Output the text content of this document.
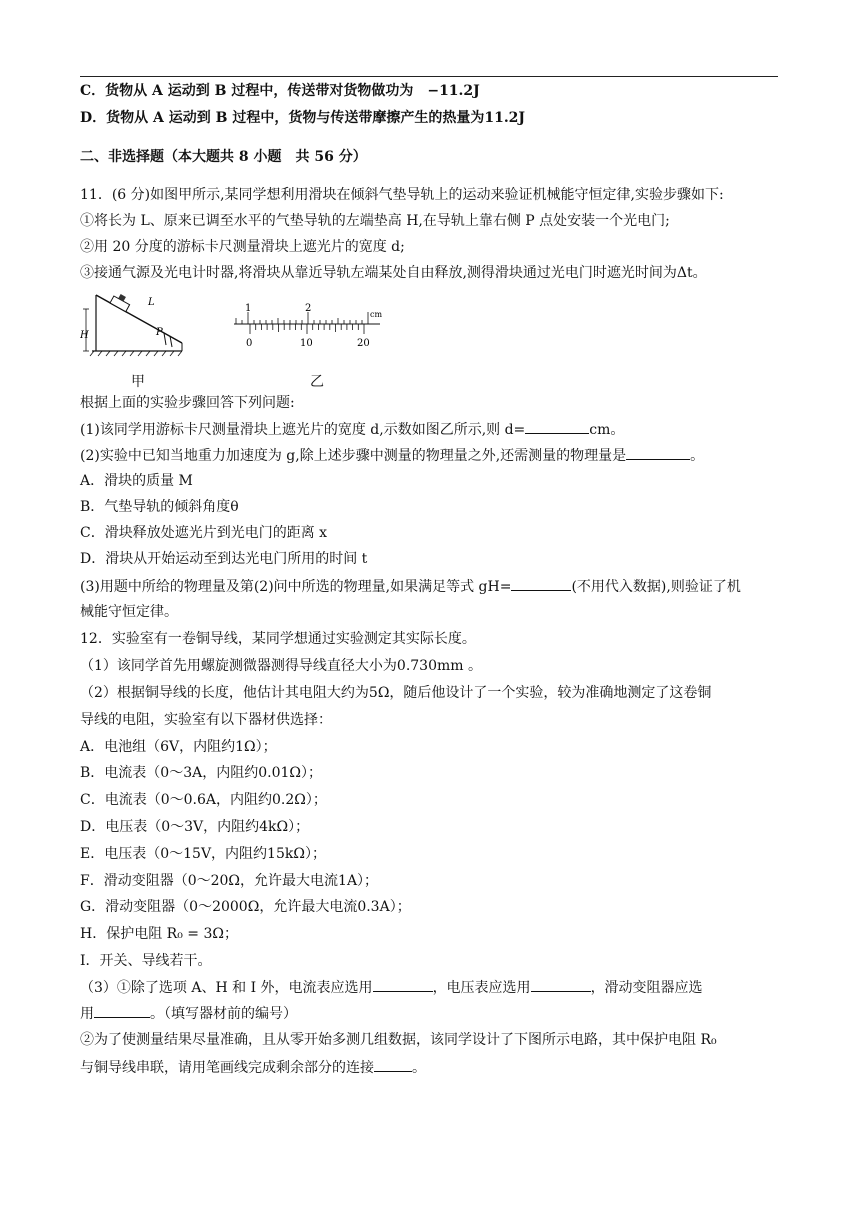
C．货物从 A 运动到 B 过程中，传送带对货物做功为　−11.2J
D．货物从 A 运动到 B 过程中，货物与传送带摩擦产生的热量为11.2J
二、非选择题（本大题共 8 小题　共 56 分）
11．(6 分)如图甲所示,某同学想利用滑块在倾斜气垫导轨上的运动来验证机械能守恒定律,实验步骤如下:
①将长为 L、原来已调至水平的气垫导轨的左端垫高 H,在导轨上靠右侧 P 点处安装一个光电门;
②用 20 分度的游标卡尺测量滑块上遮光片的宽度 d;
③接通气源及光电计时器,将滑块从靠近导轨左端某处自由释放,测得滑块通过光电门时遮光时间为Δt。
L
P
H
甲
1	2
cm
0	10	20
乙
根据上面的实验步骤回答下列问题:
(1)该同学用游标卡尺测量滑块上遮光片的宽度 d,示数如图乙所示,则 d=	cm。
(2)实验中已知当地重力加速度为 g,除上述步骤中测量的物理量之外,还需测量的物理量是	。
A．滑块的质量 M
B．气垫导轨的倾斜角度θ
C．滑块释放处遮光片到光电门的距离 x
D．滑块从开始运动至到达光电门所用的时间 t
(3)用题中所给的物理量及第(2)问中所选的物理量,如果满足等式 gH=	(不用代入数据),则验证了机
械能守恒定律。
12．实验室有一卷铜导线，某同学想通过实验测定其实际长度。
（1）该同学首先用螺旋测微器测得导线直径大小为0.730mm 。
（2）根据铜导线的长度，他估计其电阻大约为5Ω，随后他设计了一个实验，较为准确地测定了这卷铜
导线的电阻，实验室有以下器材供选择：
A．电池组（6V，内阻约1Ω）；
B．电流表（0～3A，内阻约0.01Ω）；
C．电流表（0～0.6A，内阻约0.2Ω）；
D．电压表（0～3V，内阻约4kΩ）；
E．电压表（0～15V，内阻约15kΩ）；
F．滑动变阻器（0～20Ω，允许最大电流1A）；
G．滑动变阻器（0～2000Ω，允许最大电流0.3A）；
H．保护电阻 R₀ = 3Ω；
I．开关、导线若干。
（3）①除了选项 A、H 和 I 外，电流表应选用	，电压表应选用	，滑动变阻器应选
用	。（填写器材前的编号）
②为了使测量结果尽量准确，且从零开始多测几组数据，该同学设计了下图所示电路，其中保护电阻 R₀
与铜导线串联，请用笔画线完成剩余部分的连接	。
